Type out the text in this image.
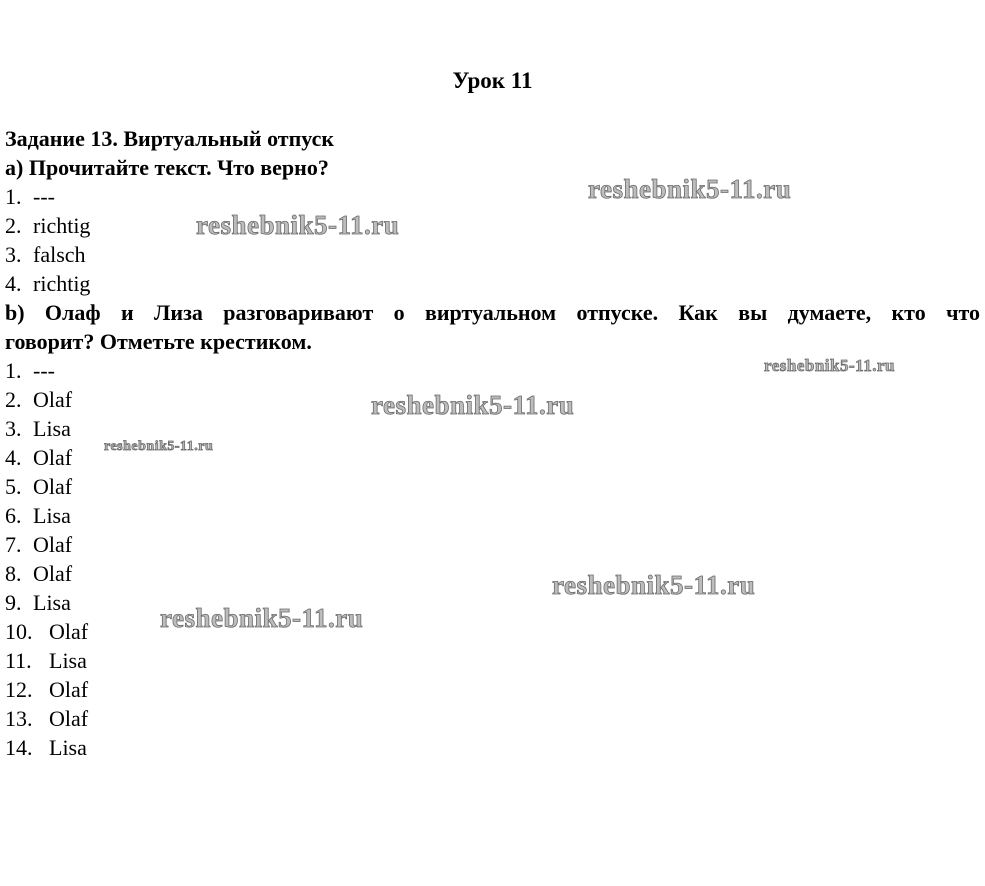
Урок 11
Задание 13. Виртуальный отпуск
a) Прочитайте текст. Что верно?
1. ---
2. richtig
3. falsch
4. richtig
b) Олаф и Лиза разговаривают о виртуальном отпуске. Как вы думаете, кто что
говорит? Отметьте крестиком.
1. ---
2. Olaf
3. Lisa
4. Olaf
5. Olaf
6. Lisa
7. Olaf
8. Olaf
9. Lisa
10. Olaf
11. Lisa
12. Olaf
13. Olaf
14. Lisa
reshebnik5-11.ru
reshebnik5-11.ru
reshebnik5-11.ru
reshebnik5-11.ru
reshebnik5-11.ru
reshebnik5-11.ru
reshebnik5-11.ru
